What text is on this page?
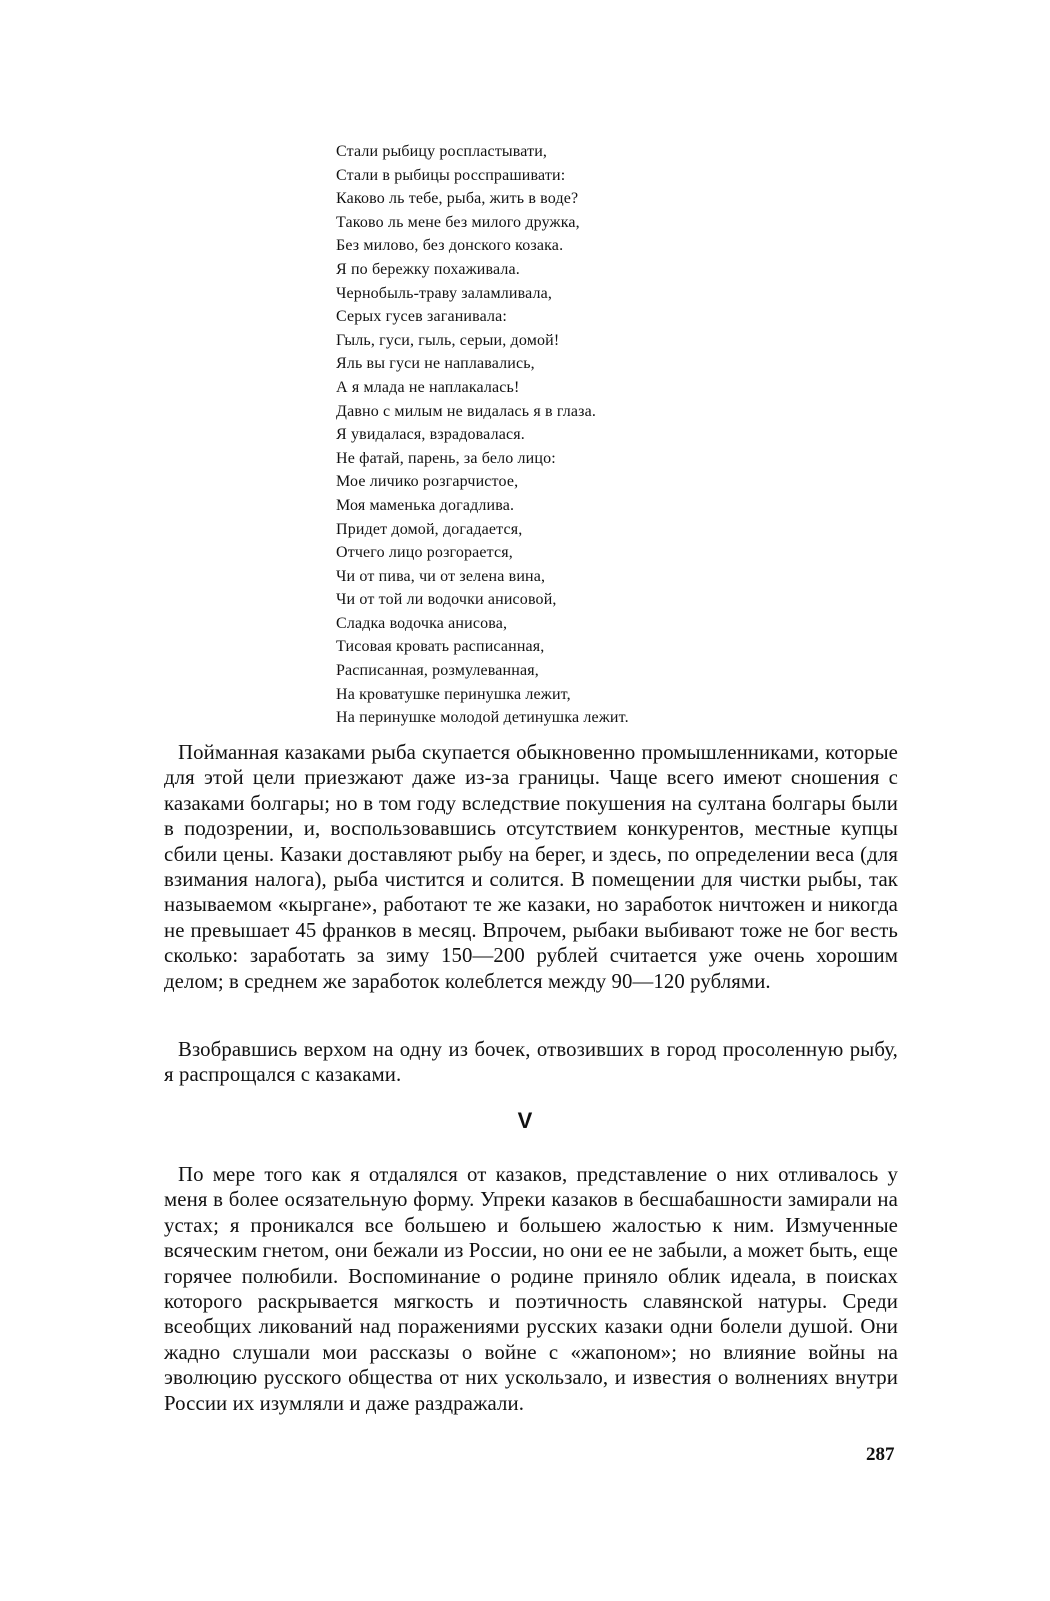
Стали рыбицу роспластывати,
Стали в рыбицы росспрашивати:
Каково ль тебе, рыба, жить в воде?
Таково ль мене без милого дружка,
Без милово, без донского козака.
Я по бережку похаживала.
Чернобыль-траву заламливала,
Серых гусев заганивала:
Гыль, гуси, гыль, серыи, домой!
Яль вы гуси не наплавались,
А я млада не наплакалась!
Давно с милым не видалась я в глаза.
Я увидалася, взрадовалася.
Не фатай, парень, за бело лицо:
Мое личико розгарчистое,
Моя маменька догадлива.
Придет домой, догадается,
Отчего лицо розгорается,
Чи от пива, чи от зелена вина,
Чи от той ли водочки анисовой,
Сладка водочка анисова,
Тисовая кровать расписанная,
Расписанная, розмулеванная,
На кроватушке перинушка лежит,
На перинушке молодой детинушка лежит.

Пойманная казаками рыба скупается обыкновенно промышленниками, которые для этой цели приезжают даже из-за границы. Чаще всего имеют сношения с казаками болгары; но в том году вследствие покушения на султана болгары были в подозрении, и, воспользовавшись отсутствием конкурентов, местные купцы сбили цены. Казаки доставляют рыбу на берег, и здесь, по определении веса (для взимания налога), рыба чистится и солится. В помещении для чистки рыбы, так называемом «кыргане», работают те же казаки, но заработок ничтожен и никогда не превышает 45 франков в месяц. Впрочем, рыбаки выбивают тоже не бог весть сколько: заработать за зиму 150—200 рублей считается уже очень хорошим делом; в среднем же заработок колеблется между 90—120 рублями.

Взобравшись верхом на одну из бочек, отвозивших в город просоленную рыбу, я распрощался с казаками.

V

По мере того как я отдалялся от казаков, представление о них отливалось у меня в более осязательную форму. Упреки казаков в бесшабашности замирали на устах; я проникался все большею и большею жалостью к ним. Измученные всяческим гнетом, они бежали из России, но они ее не забыли, а может быть, еще горячее полюбили. Воспоминание о родине приняло облик идеала, в поисках которого раскрывается мягкость и поэтичность славянской натуры. Среди всеобщих ликований над поражениями русских казаки одни болели душой. Они жадно слушали мои рассказы о войне с «жапоном»; но влияние войны на эволюцию русского общества от них ускользало, и известия о волнениях внутри России их изумляли и даже раздражали.

287
